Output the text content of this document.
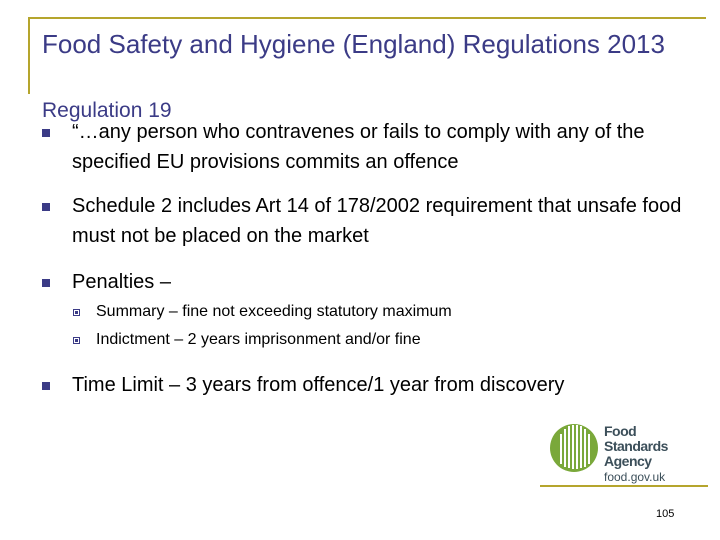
Food Safety and Hygiene (England) Regulations 2013
Regulation 19
“…any person who contravenes or fails to comply with any of the specified EU provisions commits an offence
Schedule 2 includes Art 14 of 178/2002 requirement that unsafe food must not be placed on the market
Penalties –
Summary – fine not exceeding statutory maximum
Indictment – 2 years imprisonment and/or fine
Time Limit – 3 years from offence/1 year from discovery
Food
Standards
Agency
food.gov.uk
105
